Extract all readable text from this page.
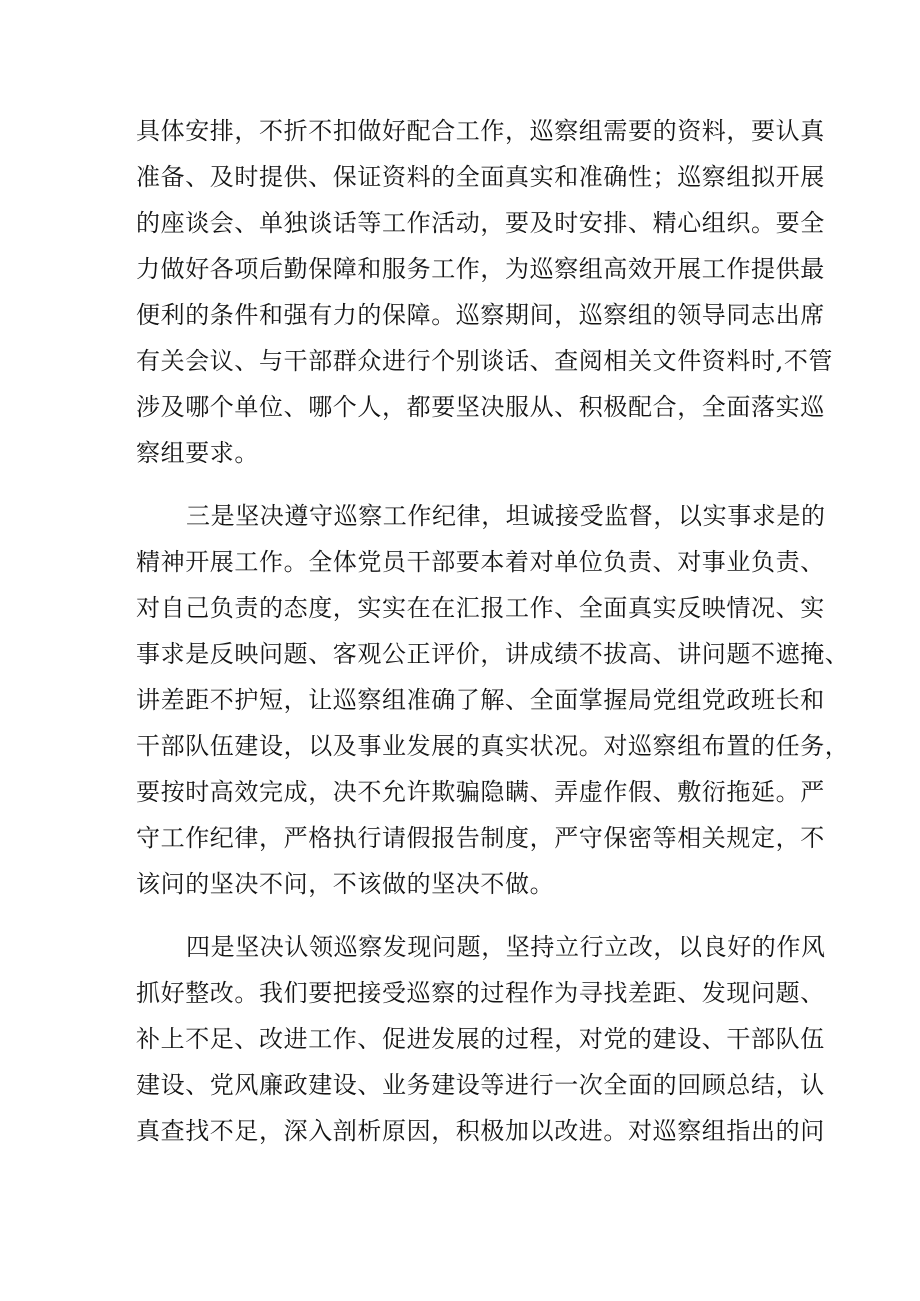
具体安排，不折不扣做好配合工作，巡察组需要的资料，要认真
准备、及时提供、保证资料的全面真实和准确性；巡察组拟开展
的座谈会、单独谈话等工作活动，要及时安排、精心组织。要全
力做好各项后勤保障和服务工作，为巡察组高效开展工作提供最
便利的条件和强有力的保障。巡察期间，巡察组的领导同志出席
有关会议、与干部群众进行个别谈话、查阅相关文件资料时,不管
涉及哪个单位、哪个人，都要坚决服从、积极配合，全面落实巡
察组要求。
三是坚决遵守巡察工作纪律，坦诚接受监督，以实事求是的
精神开展工作。全体党员干部要本着对单位负责、对事业负责、
对自己负责的态度，实实在在汇报工作、全面真实反映情况、实
事求是反映问题、客观公正评价，讲成绩不拔高、讲问题不遮掩、
讲差距不护短，让巡察组准确了解、全面掌握局党组党政班长和
干部队伍建设，以及事业发展的真实状况。对巡察组布置的任务，
要按时高效完成，决不允许欺骗隐瞒、弄虚作假、敷衍拖延。严
守工作纪律，严格执行请假报告制度，严守保密等相关规定，不
该问的坚决不问，不该做的坚决不做。
四是坚决认领巡察发现问题，坚持立行立改，以良好的作风
抓好整改。我们要把接受巡察的过程作为寻找差距、发现问题、
补上不足、改进工作、促进发展的过程，对党的建设、干部队伍
建设、党风廉政建设、业务建设等进行一次全面的回顾总结，认
真查找不足，深入剖析原因，积极加以改进。对巡察组指出的问
